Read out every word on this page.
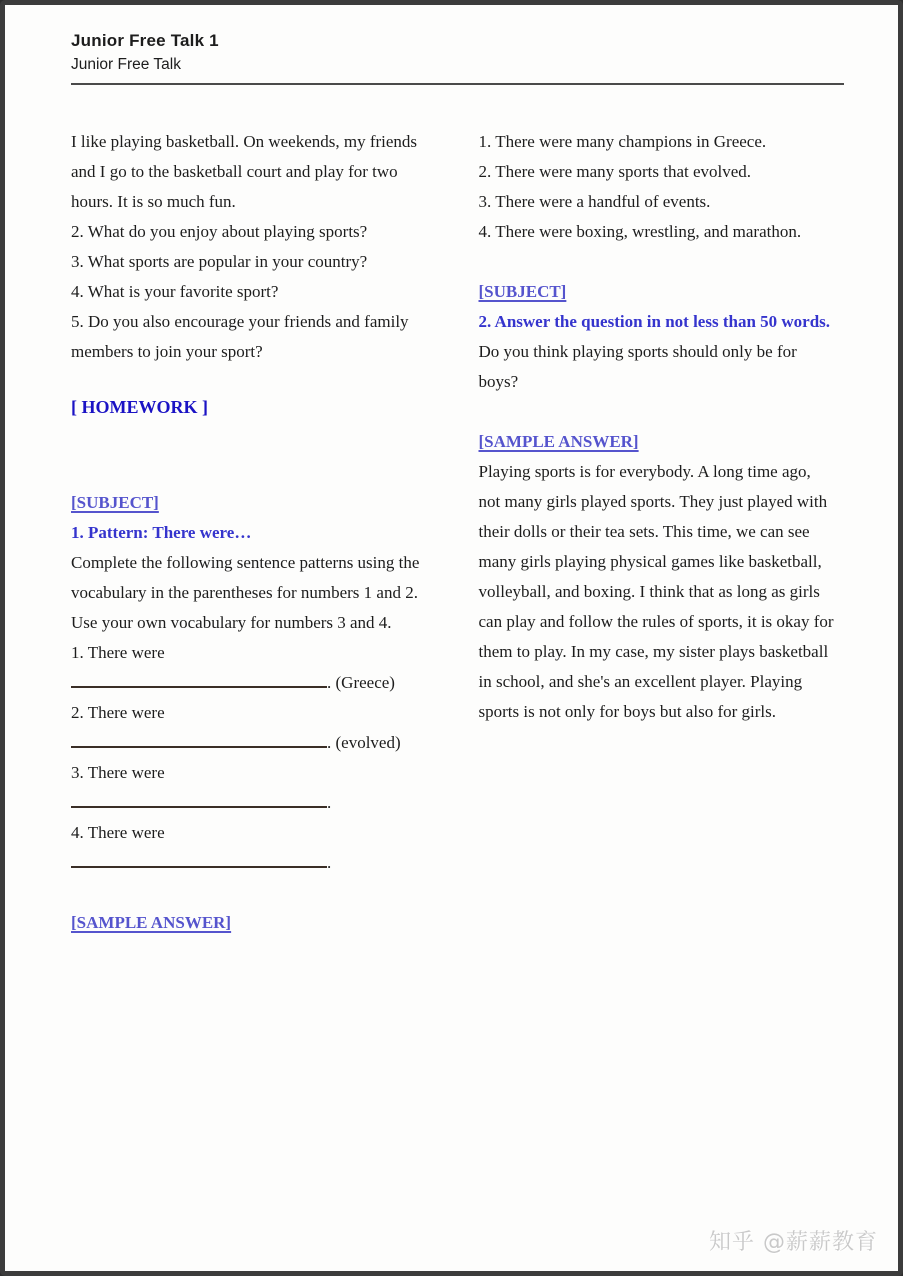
Junior Free Talk 1
Junior Free Talk

I like playing basketball. On weekends, my friends and I go to the basketball court and play for two hours. It is so much fun.

2. What do you enjoy about playing sports?

3. What sports are popular in your country?

4. What is your favorite sport?

5. Do you also encourage your friends and family members to join your sport?

[ HOMEWORK ]

[SUBJECT]

1. Pattern: There were…

Complete the following sentence patterns using the vocabulary in the parentheses for numbers 1 and 2. Use your own vocabulary for numbers 3 and 4.

1. There were

. (Greece)

2. There were

. (evolved)

3. There were

.

4. There were

.

[SAMPLE ANSWER]

1. There were many champions in Greece.

2. There were many sports that evolved.

3. There were a handful of events.

4. There were boxing, wrestling, and marathon.

[SUBJECT]

2. Answer the question in not less than 50 words.

Do you think playing sports should only be for boys?

[SAMPLE ANSWER]

Playing sports is for everybody. A long time ago, not many girls played sports. They just played with their dolls or their tea sets. This time, we can see many girls playing physical games like basketball, volleyball, and boxing. I think that as long as girls can play and follow the rules of sports, it is okay for them to play. In my case, my sister plays basketball in school, and she's an excellent player. Playing sports is not only for boys but also for girls.

知乎 @薪薪教育
